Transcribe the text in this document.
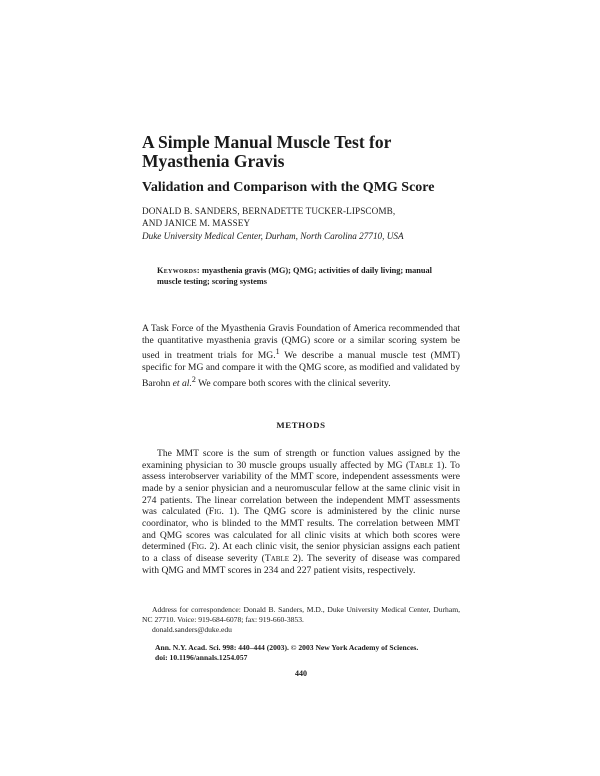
A Simple Manual Muscle Test for
Myasthenia Gravis
Validation and Comparison with the QMG Score
DONALD B. SANDERS, BERNADETTE TUCKER-LIPSCOMB,
AND JANICE M. MASSEY
Duke University Medical Center, Durham, North Carolina 27710, USA
Keywords: myasthenia gravis (MG); QMG; activities of daily living; manual muscle testing; scoring systems
A Task Force of the Myasthenia Gravis Foundation of America recommended that the quantitative myasthenia gravis (QMG) score or a similar scoring system be used in treatment trials for MG.$^1$ We describe a manual muscle test (MMT) specific for MG and compare it with the QMG score, as modified and validated by Barohn et al.$^2$ We compare both scores with the clinical severity.
METHODS
The MMT score is the sum of strength or function values assigned by the examining physician to 30 muscle groups usually affected by MG (Table 1). To assess interobserver variability of the MMT score, independent assessments were made by a senior physician and a neuromuscular fellow at the same clinic visit in 274 patients. The linear correlation between the independent MMT assessments was calculated (Fig. 1). The QMG score is administered by the clinic nurse coordinator, who is blinded to the MMT results. The correlation between MMT and QMG scores was calculated for all clinic visits at which both scores were determined (Fig. 2). At each clinic visit, the senior physician assigns each patient to a class of disease severity (Table 2). The severity of disease was compared with QMG and MMT scores in 234 and 227 patient visits, respectively.
Address for correspondence: Donald B. Sanders, M.D., Duke University Medical Center, Durham, NC 27710. Voice: 919-684-6078; fax: 919-660-3853.
donald.sanders@duke.edu
Ann. N.Y. Acad. Sci. 998: 440–444 (2003). © 2003 New York Academy of Sciences.
doi: 10.1196/annals.1254.057
440
